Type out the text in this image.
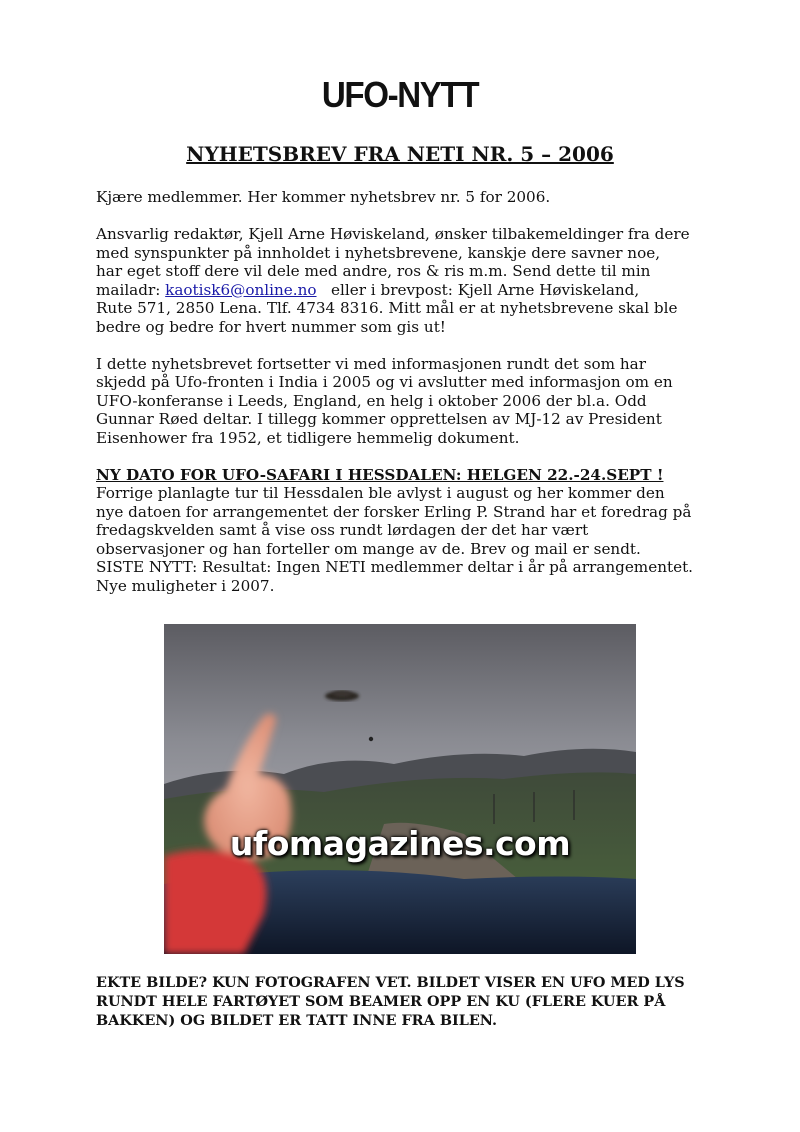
UFO-NYTT
NYHETSBREV FRA NETI NR. 5 – 2006

Kjære medlemmer. Her kommer nyhetsbrev nr. 5 for 2006.

Ansvarlig redaktør, Kjell Arne Høviskeland, ønsker tilbakemeldinger fra dere
med synspunkter på innholdet i nyhetsbrevene, kanskje dere savner noe,
har eget stoff dere vil dele med andre, ros & ris m.m. Send dette til min
mailadr: kaotisk6@online.no   eller i brevpost: Kjell Arne Høviskeland,
Rute 571, 2850 Lena. Tlf. 4734 8316. Mitt mål er at nyhetsbrevene skal ble
bedre og bedre for hvert nummer som gis ut!

I dette nyhetsbrevet fortsetter vi med informasjonen rundt det som har
skjedd på Ufo-fronten i India i 2005 og vi avslutter med informasjon om en
UFO-konferanse i Leeds, England, en helg i oktober 2006 der bl.a. Odd
Gunnar Røed deltar. I tillegg kommer opprettelsen av MJ-12 av President
Eisenhower fra 1952, et tidligere hemmelig dokument.

NY DATO FOR UFO-SAFARI I HESSDALEN: HELGEN 22.-24.SEPT !
Forrige planlagte tur til Hessdalen ble avlyst i august og her kommer den
nye datoen for arrangementet der forsker Erling P. Strand har et foredrag på
fredagskvelden samt å vise oss rundt lørdagen der det har vært
observasjoner og han forteller om mange av de. Brev og mail er sendt.
SISTE NYTT: Resultat: Ingen NETI medlemmer deltar i år på arrangementet.
Nye muligheter i 2007.

ufomagazines.com
EKTE BILDE? KUN FOTOGRAFEN VET. BILDET VISER EN UFO MED LYS
RUNDT HELE FARTØYET SOM BEAMER OPP EN KU (FLERE KUER PÅ
BAKKEN) OG BILDET ER TATT INNE FRA BILEN.
